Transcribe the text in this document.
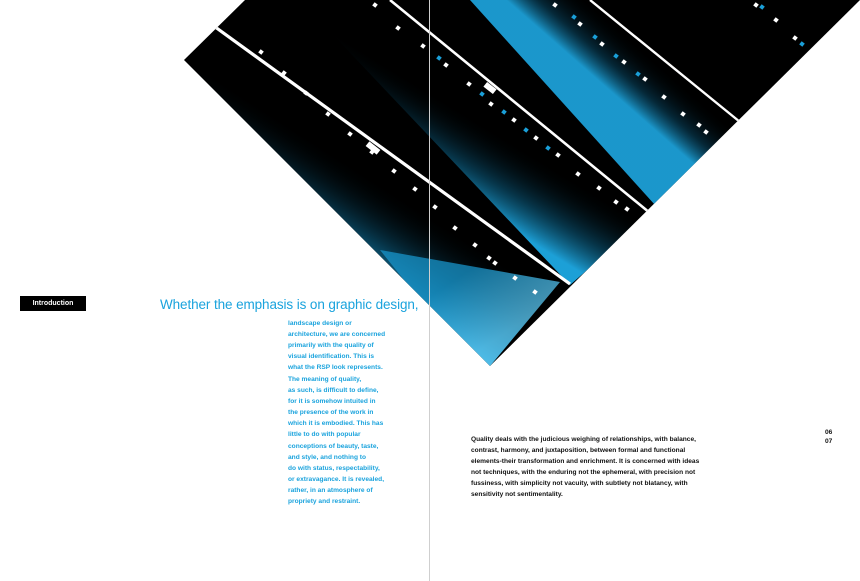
Introduction	Whether the emphasis is on graphic design,

landscape design or

architecture, we are concerned

primarily with the quality of

visual identification. This is

what the RSP look represents.

The meaning of quality,

as such, is difficult to define,

for it is somehow intuited in

the presence of the work in

which it is embodied. This has

little to do with popular

conceptions of beauty, taste,

and style, and nothing to

do with status, respectability,

or extravagance. It is revealed,

rather, in an atmosphere of

propriety and restraint.

Quality deals with the judicious weighing of relationships, with balance,

contrast, harmony, and juxtaposition, between formal and functional

elements-their transformation and enrichment. It is concerned with ideas

not techniques, with the enduring not the ephemeral, with precision not

fussiness, with simplicity not vacuity, with subtlety not blatancy, with

sensitivity not sentimentality.

06
07
